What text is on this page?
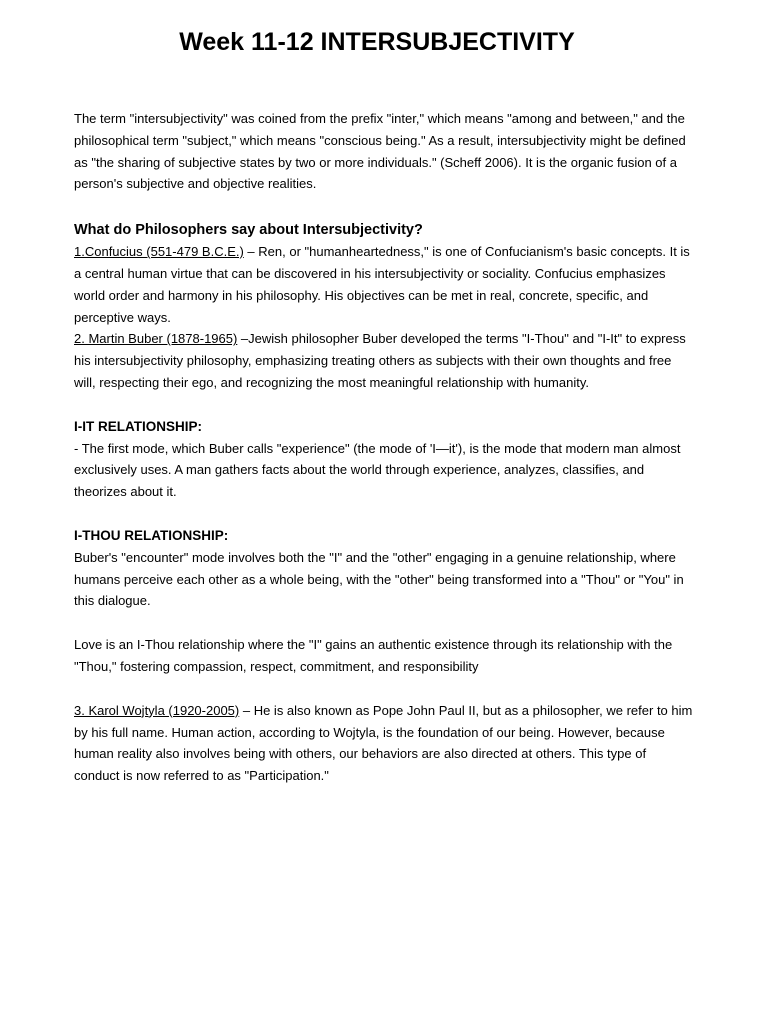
Week 11-12 INTERSUBJECTIVITY

The term "intersubjectivity" was coined from the prefix "inter," which means "among and between," and the philosophical term "subject," which means "conscious being." As a result, intersubjectivity might be defined as "the sharing of subjective states by two or more individuals." (Scheff 2006). It is the organic fusion of a person's subjective and objective realities.

What do Philosophers say about Intersubjectivity?

1.Confucius (551-479 B.C.E.) – Ren, or "humanheartedness," is one of Confucianism's basic concepts. It is a central human virtue that can be discovered in his intersubjectivity or sociality. Confucius emphasizes world order and harmony in his philosophy. His objectives can be met in real, concrete, specific, and perceptive ways.

2. Martin Buber (1878-1965) –Jewish philosopher Buber developed the terms "I-Thou" and "I-It" to express his intersubjectivity philosophy, emphasizing treating others as subjects with their own thoughts and free will, respecting their ego, and recognizing the most meaningful relationship with humanity.

I-IT RELATIONSHIP:

- The first mode, which Buber calls "experience" (the mode of 'I—it'), is the mode that modern man almost exclusively uses. A man gathers facts about the world through experience, analyzes, classifies, and theorizes about it.

I-THOU RELATIONSHIP:

Buber's "encounter" mode involves both the "I" and the "other" engaging in a genuine relationship, where humans perceive each other as a whole being, with the "other" being transformed into a "Thou" or "You" in this dialogue.

Love is an I-Thou relationship where the "I" gains an authentic existence through its relationship with the "Thou," fostering compassion, respect, commitment, and responsibility

3. Karol Wojtyla (1920-2005) – He is also known as Pope John Paul II, but as a philosopher, we refer to him by his full name. Human action, according to Wojtyla, is the foundation of our being. However, because human reality also involves being with others, our behaviors are also directed at others. This type of conduct is now referred to as "Participation."
